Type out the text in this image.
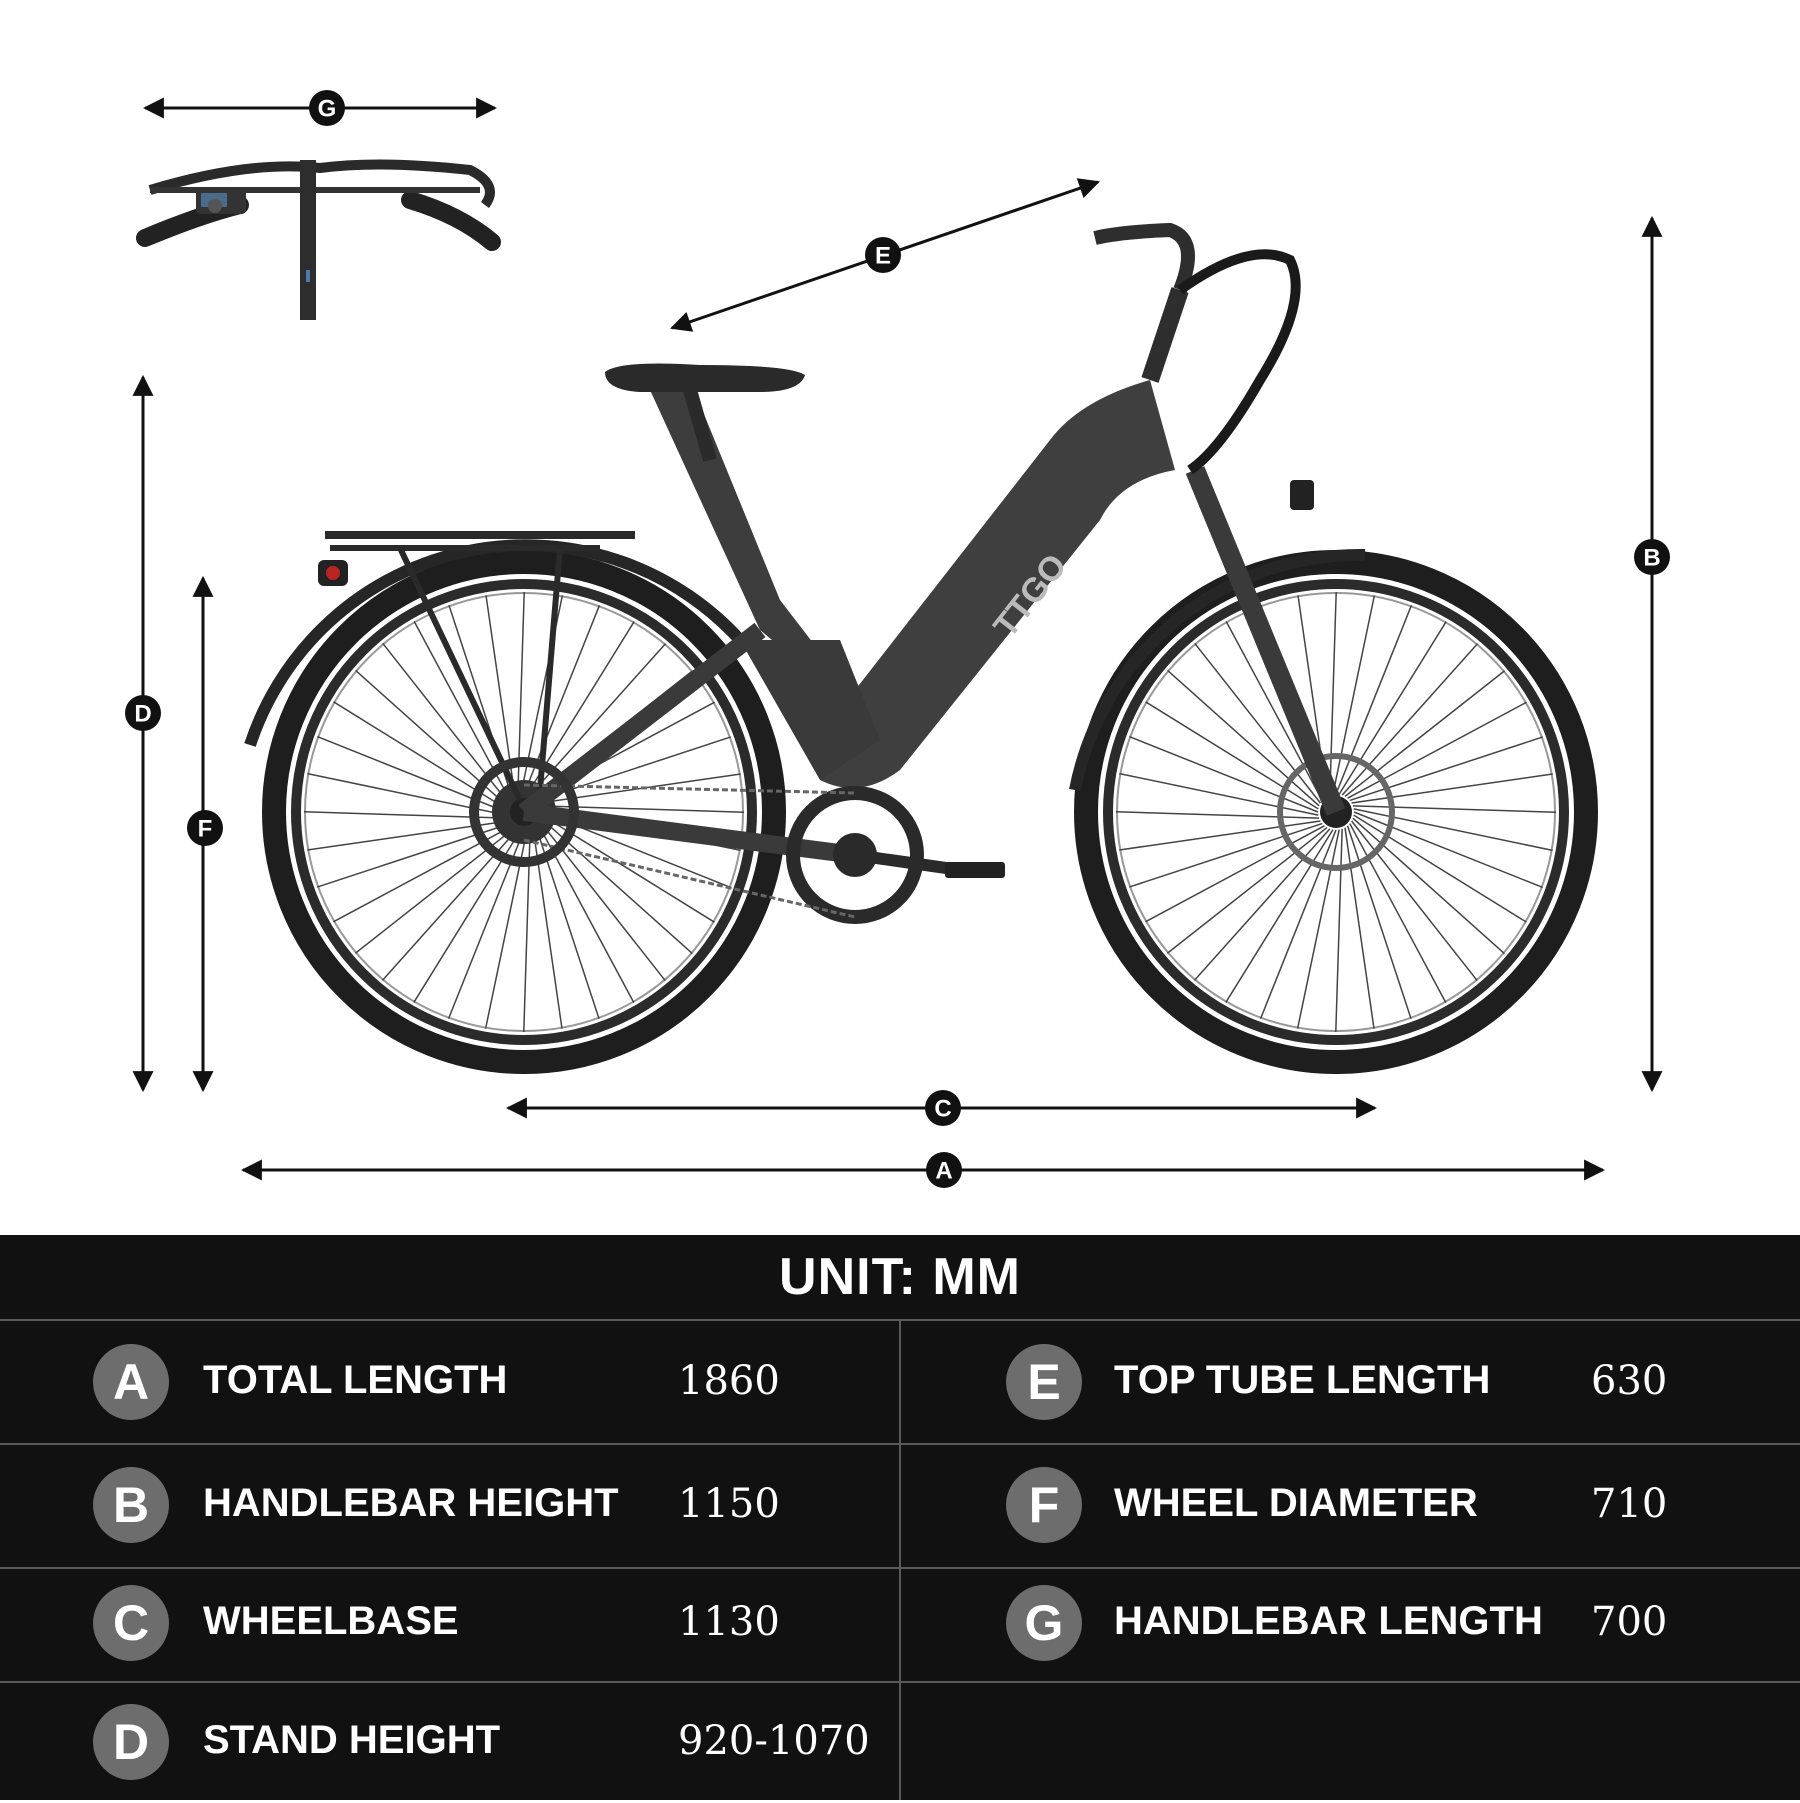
TTGO
G
E
B
D
F
C
A
UNIT: MM
A	TOTAL LENGTH	1860
B	HANDLEBAR HEIGHT 1150
C	WHEELBASE	1130
D	STAND HEIGHT	920-1070
E	TOP TUBE LENGTH	630
F	WHEEL DIAMETER	710
G	HANDLEBAR LENGTH 700
